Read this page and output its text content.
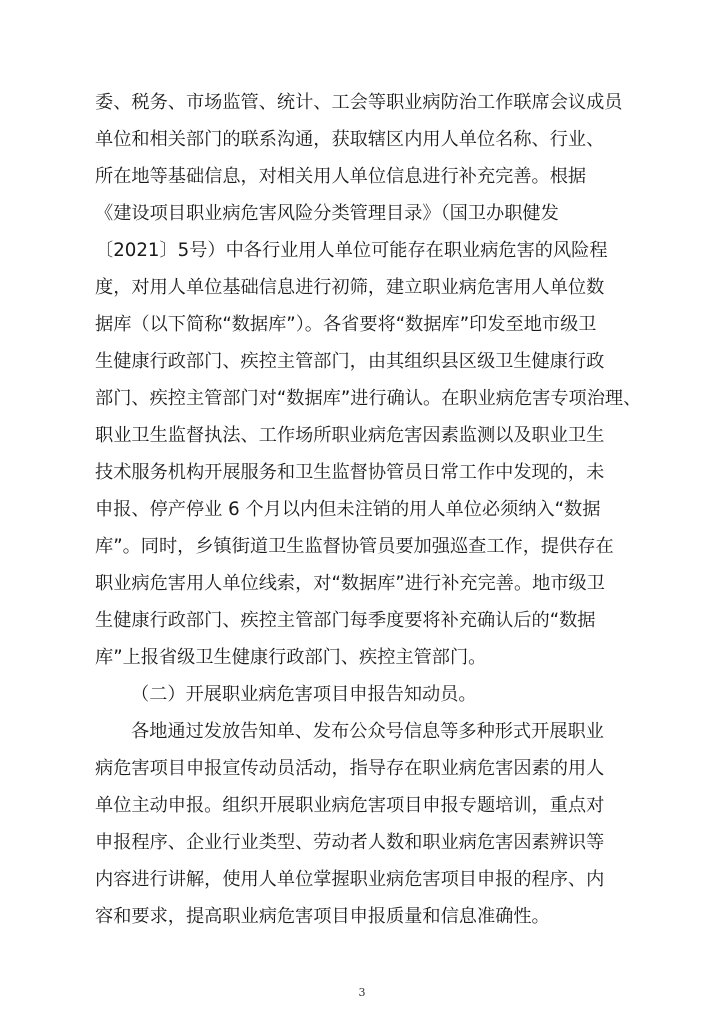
委、税务、市场监管、统计、工会等职业病防治工作联席会议成员
单位和相关部门的联系沟通，获取辖区内用人单位名称、行业、
所在地等基础信息，对相关用人单位信息进行补充完善。根据
《建设项目职业病危害风险分类管理目录》（国卫办职健发
〔2021〕5号）中各行业用人单位可能存在职业病危害的风险程
度，对用人单位基础信息进行初筛，建立职业病危害用人单位数
据库（以下简称“数据库”）。各省要将“数据库”印发至地市级卫
生健康行政部门、疾控主管部门，由其组织县区级卫生健康行政
部门、疾控主管部门对“数据库”进行确认。在职业病危害专项治理、
职业卫生监督执法、工作场所职业病危害因素监测以及职业卫生
技术服务机构开展服务和卫生监督协管员日常工作中发现的，未
申报、停产停业 6 个月以内但未注销的用人单位必须纳入“数据
库”。同时，乡镇街道卫生监督协管员要加强巡查工作，提供存在
职业病危害用人单位线索，对“数据库”进行补充完善。地市级卫
生健康行政部门、疾控主管部门每季度要将补充确认后的“数据
库”上报省级卫生健康行政部门、疾控主管部门。
（二）开展职业病危害项目申报告知动员。
各地通过发放告知单、发布公众号信息等多种形式开展职业
病危害项目申报宣传动员活动，指导存在职业病危害因素的用人
单位主动申报。组织开展职业病危害项目申报专题培训，重点对
申报程序、企业行业类型、劳动者人数和职业病危害因素辨识等
内容进行讲解，使用人单位掌握职业病危害项目申报的程序、内
容和要求，提高职业病危害项目申报质量和信息准确性。
3
